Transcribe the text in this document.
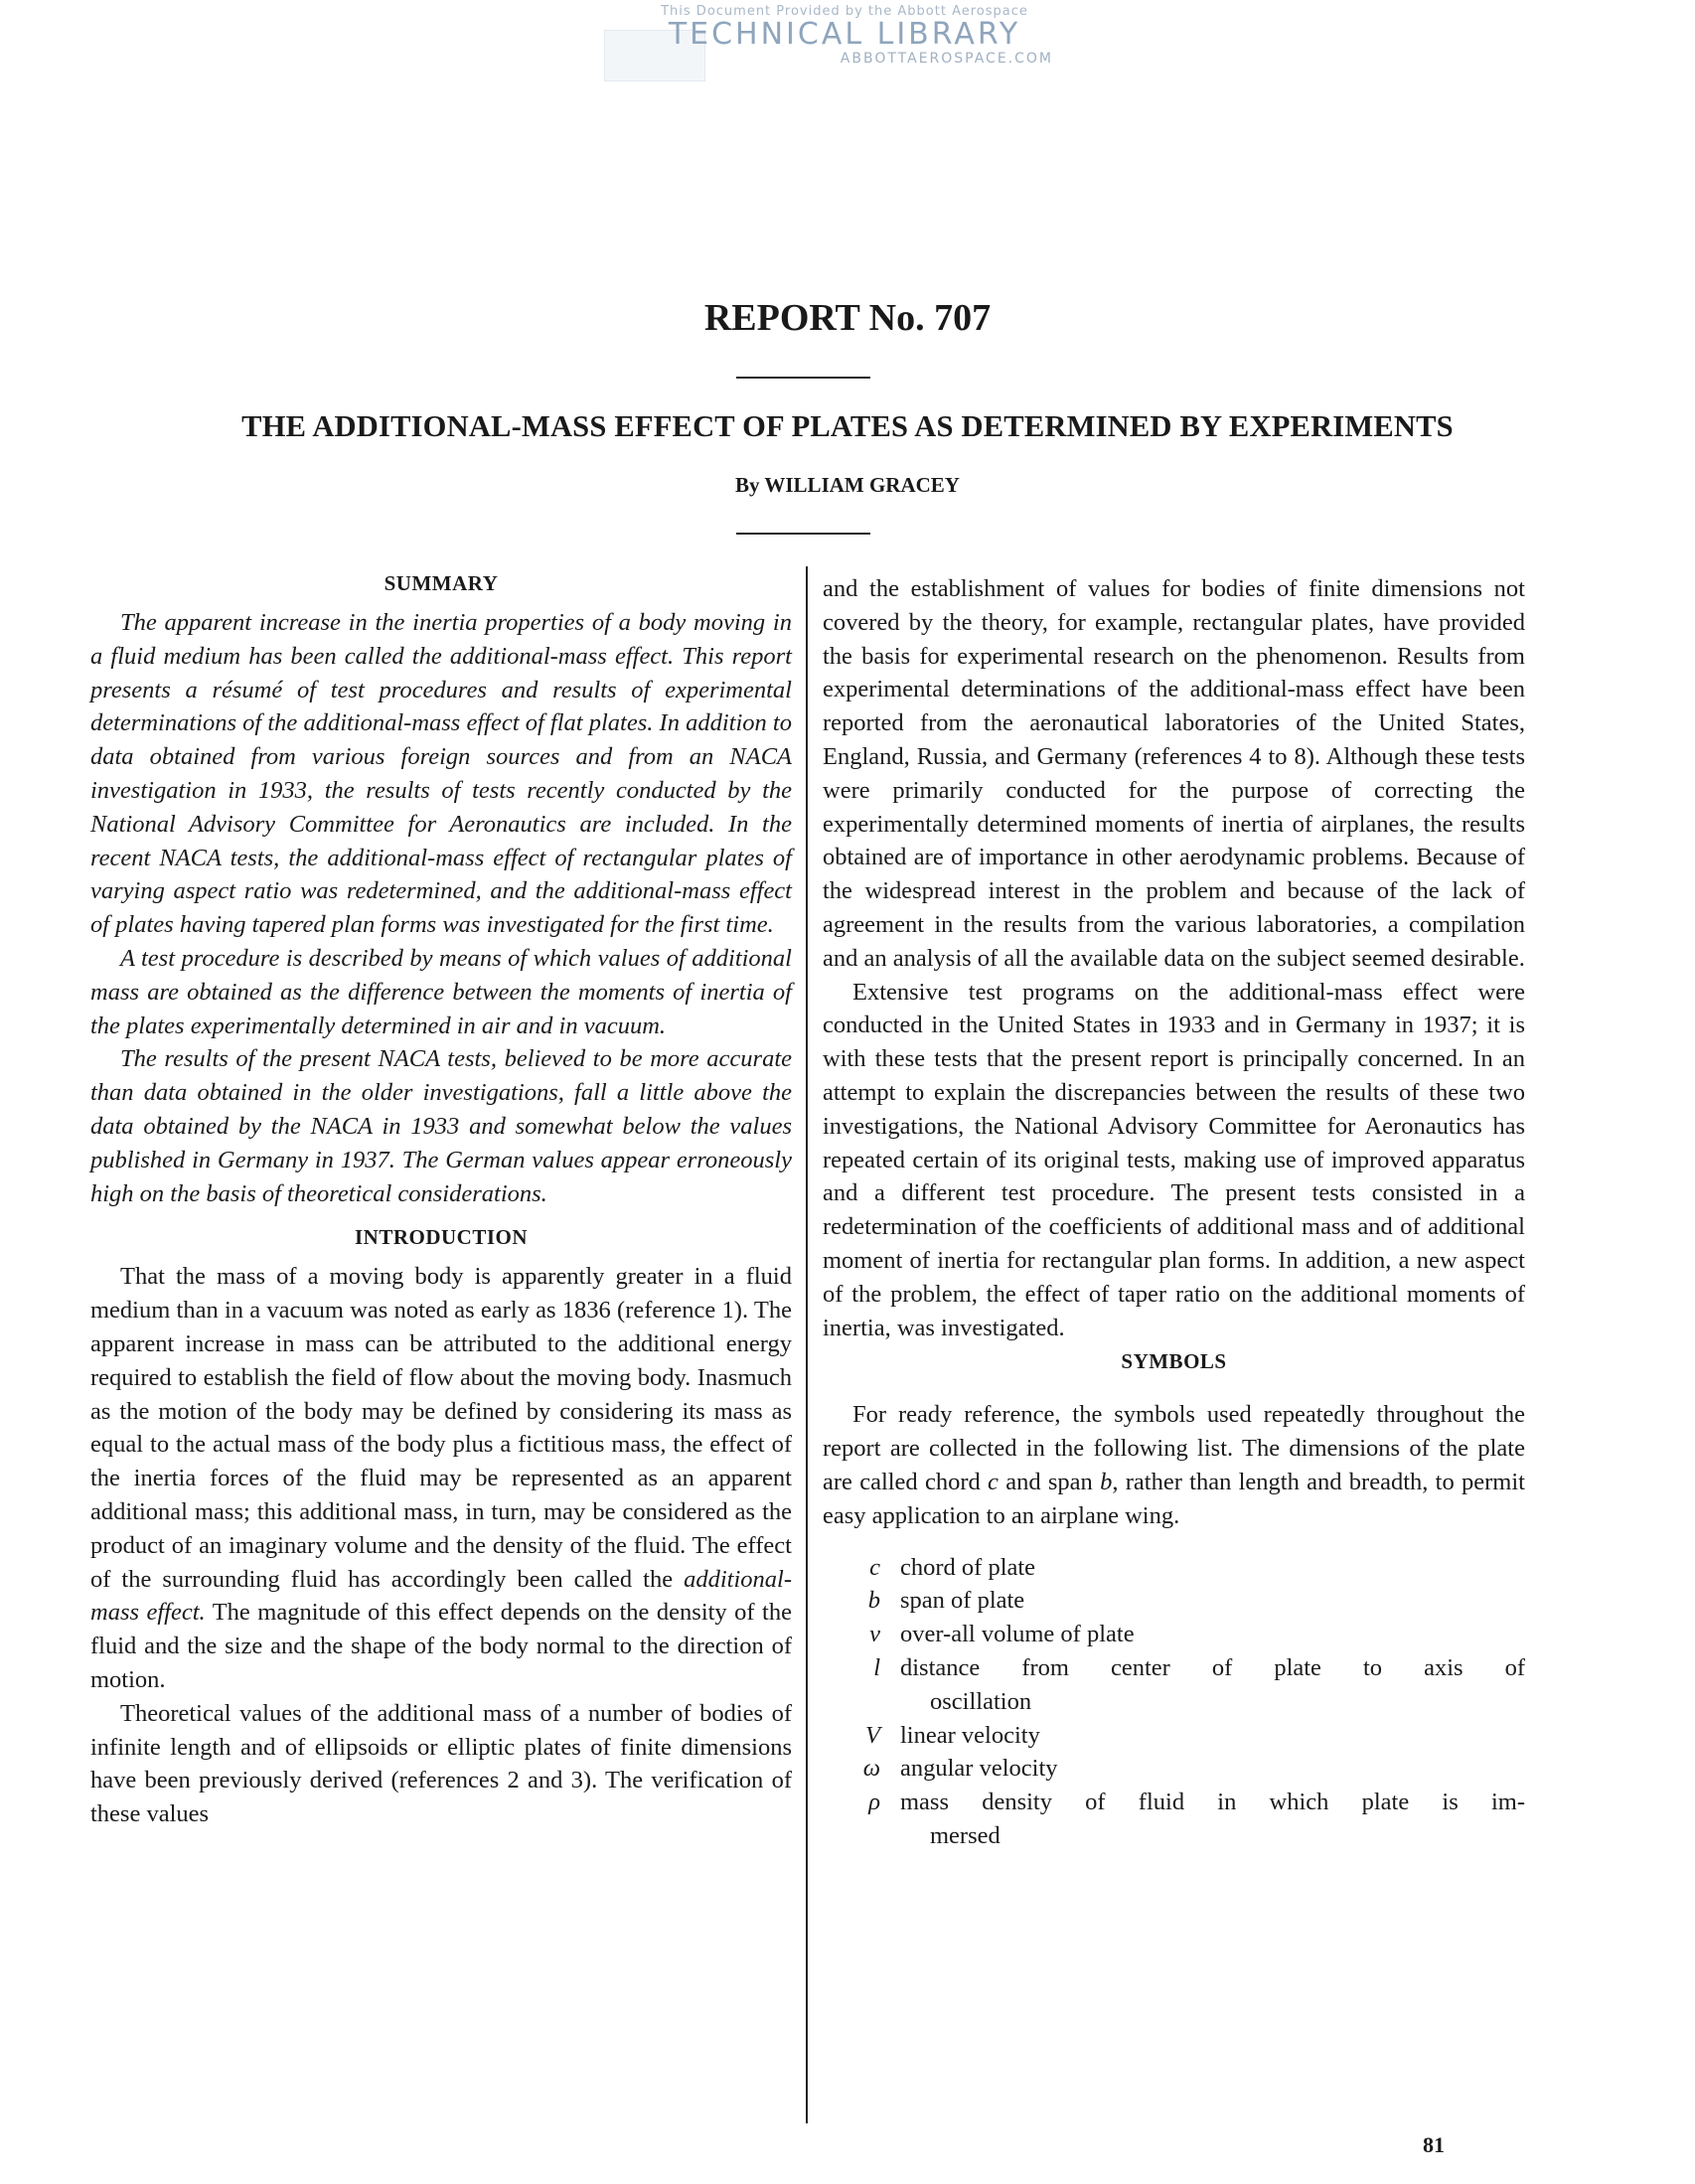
This Document Provided by the Abbott Aerospace
TECHNICAL LIBRARY
ABBOTTAEROSPACE.COM
REPORT No. 707
THE ADDITIONAL-MASS EFFECT OF PLATES AS DETERMINED BY EXPERIMENTS
By WILLIAM GRACEY
SUMMARY

The apparent increase in the inertia properties of a body moving in a fluid medium has been called the additional-mass effect. This report presents a résumé of test procedures and results of experimental determinations of the additional-mass effect of flat plates. In addition to data obtained from various foreign sources and from an NACA investigation in 1933, the results of tests recently conducted by the National Advisory Committee for Aeronautics are included. In the recent NACA tests, the additional-mass effect of rectangular plates of varying aspect ratio was redetermined, and the additional-mass effect of plates having tapered plan forms was investigated for the first time.

A test procedure is described by means of which values of additional mass are obtained as the difference between the moments of inertia of the plates experimentally determined in air and in vacuum.

The results of the present NACA tests, believed to be more accurate than data obtained in the older investigations, fall a little above the data obtained by the NACA in 1933 and somewhat below the values published in Germany in 1937. The German values appear erroneously high on the basis of theoretical considerations.

INTRODUCTION

That the mass of a moving body is apparently greater in a fluid medium than in a vacuum was noted as early as 1836 (reference 1). The apparent increase in mass can be attributed to the additional energy required to establish the field of flow about the moving body. Inasmuch as the motion of the body may be defined by considering its mass as equal to the actual mass of the body plus a fictitious mass, the effect of the inertia forces of the fluid may be represented as an apparent additional mass; this additional mass, in turn, may be considered as the product of an imaginary volume and the density of the fluid. The effect of the surrounding fluid has accordingly been called the additional-mass effect. The magnitude of this effect depends on the density of the fluid and the size and the shape of the body normal to the direction of motion.

Theoretical values of the additional mass of a number of bodies of infinite length and of ellipsoids or elliptic plates of finite dimensions have been previously derived (references 2 and 3). The verification of these values

and the establishment of values for bodies of finite dimensions not covered by the theory, for example, rectangular plates, have provided the basis for experimental research on the phenomenon. Results from experimental determinations of the additional-mass effect have been reported from the aeronautical laboratories of the United States, England, Russia, and Germany (references 4 to 8). Although these tests were primarily conducted for the purpose of correcting the experimentally determined moments of inertia of airplanes, the results obtained are of importance in other aerodynamic problems. Because of the widespread interest in the problem and because of the lack of agreement in the results from the various laboratories, a compilation and an analysis of all the available data on the subject seemed desirable.

Extensive test programs on the additional-mass effect were conducted in the United States in 1933 and in Germany in 1937; it is with these tests that the present report is principally concerned. In an attempt to explain the discrepancies between the results of these two investigations, the National Advisory Committee for Aeronautics has repeated certain of its original tests, making use of improved apparatus and a different test procedure. The present tests consisted in a redetermination of the coefficients of additional mass and of additional moment of inertia for rectangular plan forms. In addition, a new aspect of the problem, the effect of taper ratio on the additional moments of inertia, was investigated.

SYMBOLS

For ready reference, the symbols used repeatedly throughout the report are collected in the following list. The dimensions of the plate are called chord c and span b, rather than length and breadth, to permit easy application to an airplane wing.

c chord of plate
b span of plate
v over-all volume of plate
l distance from center of plate to axis of
oscillation
V linear velocity
ω angular velocity
ρ mass density of fluid in which plate is im-
mersed
81
